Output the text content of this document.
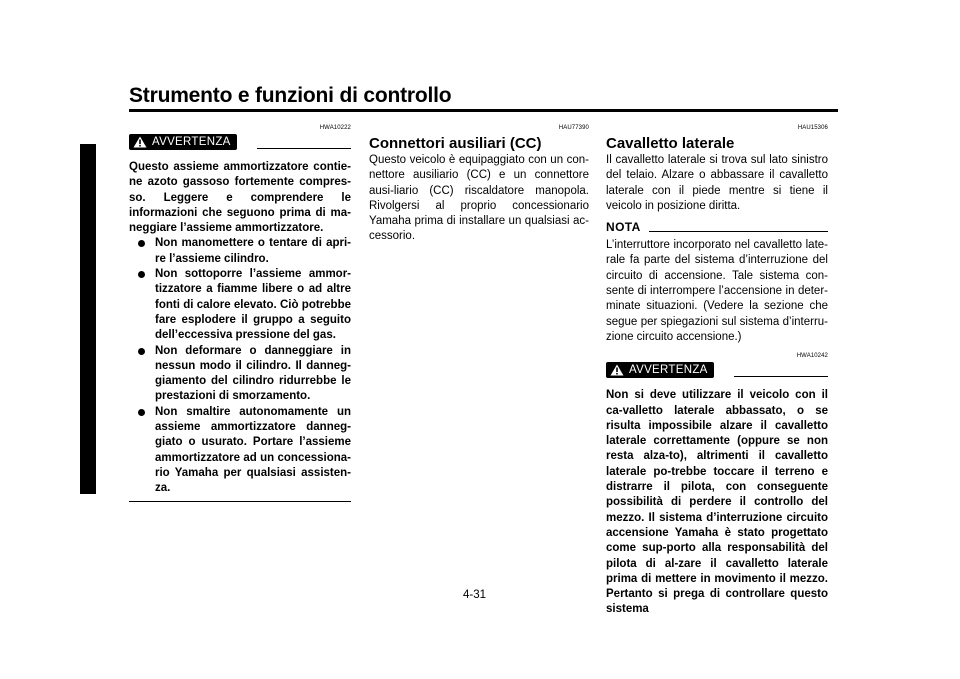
Strumento e funzioni di controllo
4
HWA10222
AVVERTENZA
Questo assieme ammortizzatore contie-ne azoto gassoso fortemente compres-so. Leggere e comprendere le informazioni che seguono prima di ma-neggiare l’assieme ammortizzatore.
Non manomettere o tentare di apri-re l’assieme cilindro.
Non sottoporre l’assieme ammor-tizzatore a fiamme libere o ad altre fonti di calore elevato. Ciò potrebbe fare esplodere il gruppo a seguito dell’eccessiva pressione del gas.
Non deformare o danneggiare in nessun modo il cilindro. Il danneg-giamento del cilindro ridurrebbe le prestazioni di smorzamento.
Non smaltire autonomamente un assieme ammortizzatore danneg-giato o usurato. Portare l’assieme ammortizzatore ad un concessiona-rio Yamaha per qualsiasi assisten-za.
HAU77390
Connettori ausiliari (CC)
Questo veicolo è equipaggiato con un con-nettore ausiliario (CC) e un connettore ausi-liario (CC) riscaldatore manopola. Rivolgersi al proprio concessionario Yamaha prima di installare un qualsiasi ac-cessorio.
HAU15306
Cavalletto laterale
Il cavalletto laterale si trova sul lato sinistro del telaio. Alzare o abbassare il cavalletto laterale con il piede mentre si tiene il veicolo in posizione diritta.
NOTA
L’interruttore incorporato nel cavalletto late-rale fa parte del sistema d’interruzione del circuito di accensione. Tale sistema con-sente di interrompere l’accensione in deter-minate situazioni. (Vedere la sezione che segue per spiegazioni sul sistema d’interru-zione circuito accensione.)
HWA10242
AVVERTENZA
Non si deve utilizzare il veicolo con il ca-valletto laterale abbassato, o se risulta impossibile alzare il cavalletto laterale correttamente (oppure se non resta alza-to), altrimenti il cavalletto laterale po-trebbe toccare il terreno e distrarre il pilota, con conseguente possibilità di perdere il controllo del mezzo. Il sistema d’interruzione circuito accensione Yamaha è stato progettato come sup-porto alla responsabilità del pilota di al-zare il cavalletto laterale prima di mettere in movimento il mezzo. Pertanto si prega di controllare questo sistema
4-31
